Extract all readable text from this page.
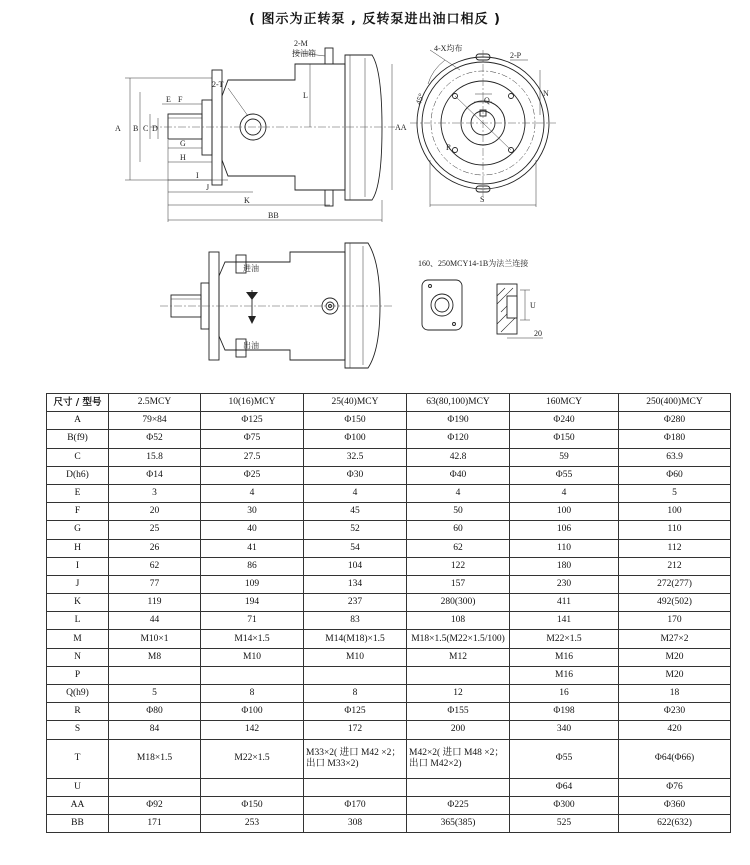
( 图示为正转泵 , 反转泵进出油口相反 )
A B C D
F
E
G
H
I
J
K
BB
L
AA
2-M
接油箱
2-T
S
R
Q
N
4-X均布
2-P
45°
进油
出油
U
20
160、250MCY14-1B为法兰连接
尺寸 / 型号	2.5MCY	10(16)MCY	25(40)MCY	63(80,100)MCY	160MCY	250(400)MCY
A	79×84	Φ125	Φ150	Φ190	Φ240	Φ280
B(f9)	Φ52	Φ75	Φ100	Φ120	Φ150	Φ180
C	15.8	27.5	32.5	42.8	59	63.9
D(h6)	Φ14	Φ25	Φ30	Φ40	Φ55	Φ60
E	3	4	4	4	4	5
F	20	30	45	50	100	100
G	25	40	52	60	106	110
H	26	41	54	62	110	112
I	62	86	104	122	180	212
J	77	109	134	157	230	272(277)
K	119	194	237	280(300)	411	492(502)
L	44	71	83	108	141	170
M	M10×1	M14×1.5	M14(M18)×1.5	M18×1.5(M22×1.5/100)	M22×1.5	M27×2
N	M8	M10	M10	M12	M16	M20
P					M16	M20
Q(h9)	5	8	8	12	16	18
R	Φ80	Φ100	Φ125	Φ155	Φ198	Φ230
S	84	142	172	200	340	420
T	M18×1.5	M22×1.5	M33×2( 进口 M42 ×2；出口 M33×2)	M42×2( 进口 M48 ×2；出口 M42×2)	Φ55	Φ64(Φ66)
U					Φ64	Φ76
AA	Φ92	Φ150	Φ170	Φ225	Φ300	Φ360
BB	171	253	308	365(385)	525	622(632)
